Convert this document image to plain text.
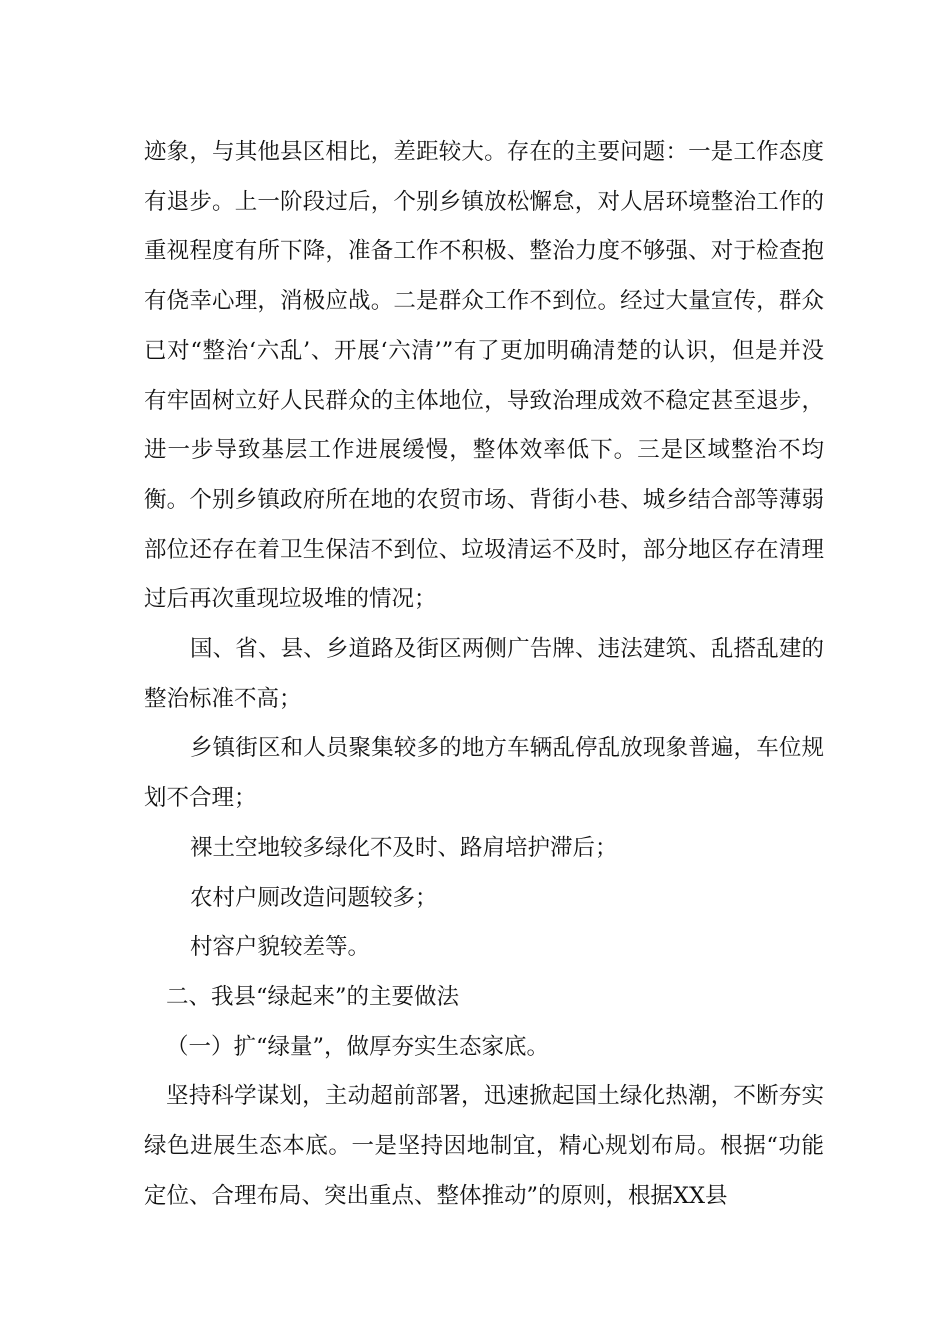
迹象，与其他县区相比，差距较大。存在的主要问题：一是工作态度有退步。上一阶段过后，个别乡镇放松懈怠，对人居环境整治工作的重视程度有所下降，准备工作不积极、整治力度不够强、对于检查抱有侥幸心理，消极应战。二是群众工作不到位。经过大量宣传，群众已对“整治‘六乱’、开展‘六清’”有了更加明确清楚的认识，但是并没有牢固树立好人民群众的主体地位，导致治理成效不稳定甚至退步，进一步导致基层工作进展缓慢，整体效率低下。三是区域整治不均衡。个别乡镇政府所在地的农贸市场、背街小巷、城乡结合部等薄弱部位还存在着卫生保洁不到位、垃圾清运不及时，部分地区存在清理过后再次重现垃圾堆的情况；

国、省、县、乡道路及街区两侧广告牌、违法建筑、乱搭乱建的整治标准不高；

乡镇街区和人员聚集较多的地方车辆乱停乱放现象普遍，车位规划不合理；

裸土空地较多绿化不及时、路肩培护滞后；

农村户厕改造问题较多；

村容户貌较差等。

二、我县“绿起来”的主要做法

（一）扩“绿量”，做厚夯实生态家底。

坚持科学谋划，主动超前部署，迅速掀起国土绿化热潮，不断夯实绿色进展生态本底。一是坚持因地制宜，精心规划布局。根据“功能定位、合理布局、突出重点、整体推动”的原则，根据XX县
